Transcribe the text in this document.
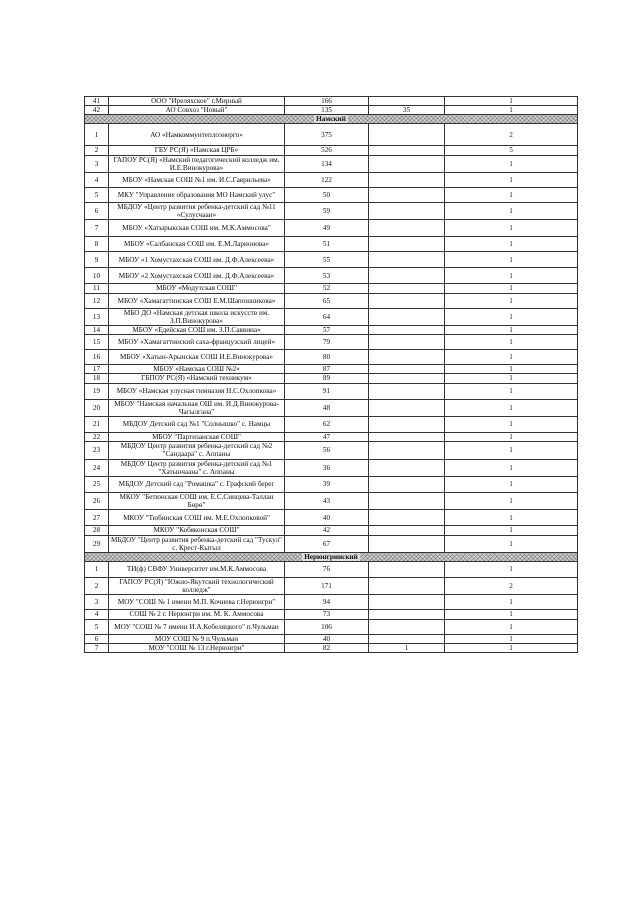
41	ООО "Иреляхское" г.Мирный	166		1
42	АО Совхоз "Новый"	135	35	1
Намский				
1	АО «Намкоммунтеплоэнерго»	375		2
2	ГБУ РС(Я) «Намская ЦРБ»	526		5
3	ГАПОУ РС(Я) «Намский педагогический колледж им. И.Е.Винокурова»	134		1
4	МБОУ «Намская СОШ №1 им. И.С.Гаврильева»	122		1
5	МКУ "Управление образования МО Намский улус"	50		1
6	МБДОУ «Центр развития ребенка-детский сад №11 «Сулусчаан»	59		1
7	МБОУ «Хатырыкская СОШ им. М.К.Аммосова"	49		1
8	МБОУ «Салбанская СОШ им. Е.М.Ларионова»	51		1
9	МБОУ «1 Хомустахская СОШ им. Д.Ф.Алексеева»	55		1
10	МБОУ «2 Хомустахская СОШ им. Д.Ф.Алексеева»	53		1
11	МБОУ «Модутская СОШ"	52		1
12	МБОУ «Хамагаттинская СОШ Е.М.Шапошникова»	65		1
13	МБО ДО «Намская детская школа искусств им. З.П.Винокурова»	64		1
14	МБОУ «Едейская СОШ им. З.П.Саввина»	57		1
15	МБОУ «Хамагаттинский саха-французский лицей»	79		1
16	МБОУ «Хатын-Арынская СОШ И.Е.Винокурова»	80		1
17	МБОУ «Намская СОШ №2»	87		1
18	ГБПОУ РС(Я) «Намский техникум»	89		1
19	МБОУ «Намская улусная гимназия Н.С.Охлопкова»	91		1
20	МБОУ "Намская начальная ОШ им. И.Д.Винокурова-Чагылгана"	48		1
21	МБДОУ Детский сад №1 "Солнышко" с. Намцы	62		1
22	МБОУ "Партизанская СОШ"	47		1
23	МБДОУ Центр развития ребенка-детский сад №2 "Сандаара" с. Аппаны	56		1
24	МБДОУ Центр развития ребенка-детский сад №1 "Хатынчаана" с. Аппаны	36		1
25	МБДОУ Детский сад "Ромашка" с. Графский берег	39		1
26	МКОУ "Бетюнская СОШ им. Е.С.Синцева-Таллан Бөрө"	43		1
27	МКОУ "Тюбинская СОШ им. М.Е.Охлопковой"	40		1
28	МКОУ "Кобяконская СОШ"	42		1
29	МБДОУ "Центр развития ребенка-детский сад "Тускул" с. Крест-Кытыл	67		1
Нерюнгринский				
1	ТИ(ф) СВФУ Университет им.М.К.Аммосова	76		1
2	ГАПОУ РС(Я) "Южно-Якутский технологический колледж"	171		2
3	МОУ "СОШ № 1 имени М.П. Кочнева г.Нерюнгри"	94		1
4	СОШ № 2 г. Нерюнгри им. М. К. Аммосова	73		1
5	МОУ "СОШ № 7 имени И.А.Кобеляцкого" п.Чульман	106		1
6	МОУ СОШ № 9 п.Чульман	40		1
7	МОУ "СОШ № 13 г.Нерюнгри"	82	1	1
